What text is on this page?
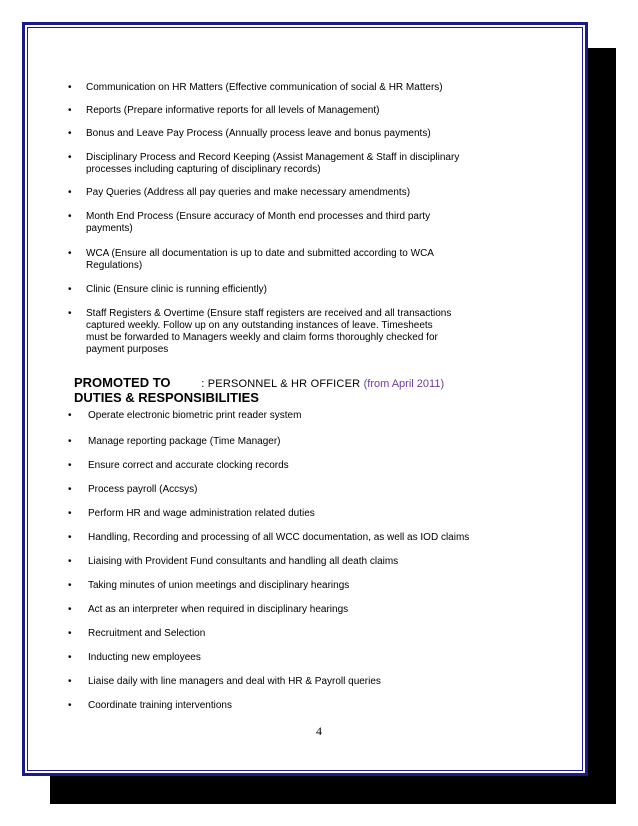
•	Communication on HR Matters (Effective communication of social & HR Matters)
•	Reports (Prepare informative reports for all levels of Management)
•	Bonus and Leave Pay Process (Annually process leave and bonus payments)
•	Disciplinary Process and Record Keeping (Assist Management & Staff in disciplinary
processes including capturing of disciplinary records)
•	Pay Queries (Address all pay queries and make necessary amendments)
•	Month End Process (Ensure accuracy of Month end processes and third party
payments)
•	WCA (Ensure all documentation is up to date and submitted according to WCA
Regulations)
•	Clinic (Ensure clinic is running efficiently)
•	Staff Registers & Overtime (Ensure staff registers are received and all transactions
captured weekly. Follow up on any outstanding instances of leave. Timesheets
must be forwarded to Managers weekly and claim forms thoroughly checked for
payment purposes
PROMOTED TO	: PERSONNEL & HR OFFICER (from April 2011)
DUTIES & RESPONSIBILITIES
•	Operate electronic biometric print reader system
•	Manage reporting package (Time Manager)
•	Ensure correct and accurate clocking records
•	Process payroll (Accsys)
•	Perform HR and wage administration related duties
•	Handling, Recording and processing of all WCC documentation, as well as IOD claims
•	Liaising with Provident Fund consultants and handling all death claims
•	Taking minutes of union meetings and disciplinary hearings
•	Act as an interpreter when required in disciplinary hearings
•	Recruitment and Selection
•	Inducting new employees
•	Liaise daily with line managers and deal with HR & Payroll queries
•	Coordinate training interventions
4
